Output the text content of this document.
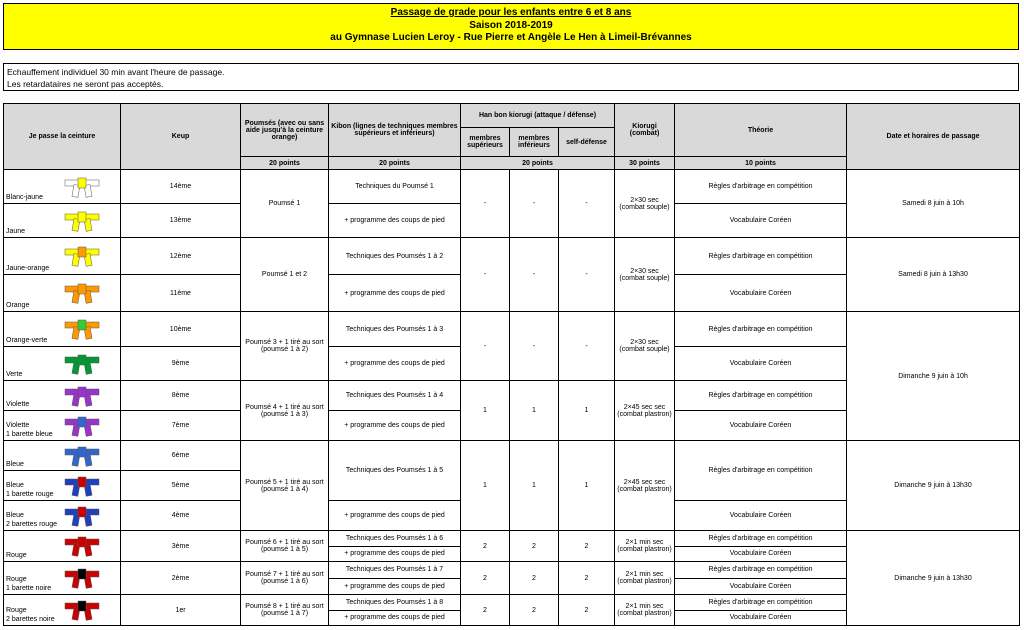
Passage de grade pour les enfants entre 6 et 8 ans
Saison 2018-2019
au Gymnase Lucien Leroy - Rue Pierre et Angèle Le Hen à Limeil-Brévannes
Echauffement individuel 30 min avant l'heure de passage.
Les retardataires ne seront pas acceptés.
Je passe la ceinture	Keup	Poumsés (avec ou sans aide jusqu'à la ceinture orange)	Kibon (lignes de techniques membres supérieurs et inférieurs)	Han bon kiorugi (attaque / défense)			Kiorugi (combat)	Théorie	Date et horaires de passage
				membres supérieurs	membres inférieurs	self-défense			
		20 points	20 points	20 points			30 points	10 points	

Blanc-jaune	14ème	Poumsé 1	Techniques du Poumsé 1	-	-	-	2×30 sec (combat souple)	Règles d'arbitrage en compétition	Samedi 8 juin à 10h

Jaune	13ème		+ programme des coups de pied					Vocabulaire Coréen	

Jaune-orange	12ème	Poumsé 1 et 2	Techniques des Poumsés 1 à 2	-	-	-	2×30 sec (combat souple)	Règles d'arbitrage en compétition	Samedi 8 juin à 13h30

Orange	11ème		+ programme des coups de pied					Vocabulaire Coréen	

Orange-verte	10ème	Poumsé 3 + 1 tiré au sort (poumsé 1 à 2)	Techniques des Poumsés 1 à 3	-	-	-	2×30 sec (combat souple)	Règles d'arbitrage en compétition	Dimanche 9 juin à 10h

Verte	9ème		+ programme des coups de pied					Vocabulaire Coréen	

Violette	8ème	Poumsé 4 + 1 tiré au sort (poumsé 1 à 3)	Techniques des Poumsés 1 à 4	1	1	1	2×45 sec sec (combat plastron)	Règles d'arbitrage en compétition	

Violette
1 barette bleue	7ème		+ programme des coups de pied					Vocabulaire Coréen	

Bleue	6ème	Poumsé 5 + 1 tiré au sort (poumsé 1 à 4)	Techniques des Poumsés 1 à 5	1	1	1	2×45 sec sec (combat plastron)	Règles d'arbitrage en compétition	Dimanche 9 juin à 13h30

Bleue
1 barette rouge	5ème								

Bleue
2 barettes rouge	4ème		+ programme des coups de pied					Vocabulaire Coréen	

Rouge	3ème	Poumsé 6 + 1 tiré au sort (poumsé 1 à 5)	Techniques des Poumsés 1 à 6	2	2	2	2×1 min sec (combat plastron)	Règles d'arbitrage en compétition	Dimanche 9 juin à 13h30
			+ programme des coups de pied					Vocabulaire Coréen	

Rouge
1 barette noire	2ème	Poumsé 7 + 1 tiré au sort (poumsé 1 à 6)	Techniques des Poumsés 1 à 7	2	2	2	2×1 min sec (combat plastron)	Règles d'arbitrage en compétition	
			+ programme des coups de pied					Vocabulaire Coréen	

Rouge
2 barettes noire	1er	Poumsé 8 + 1 tiré au sort (poumsé 1 à 7)	Techniques des Poumsés 1 à 8	2	2	2	2×1 min sec (combat plastron)	Règles d'arbitrage en compétition	
			+ programme des coups de pied					Vocabulaire Coréen	
